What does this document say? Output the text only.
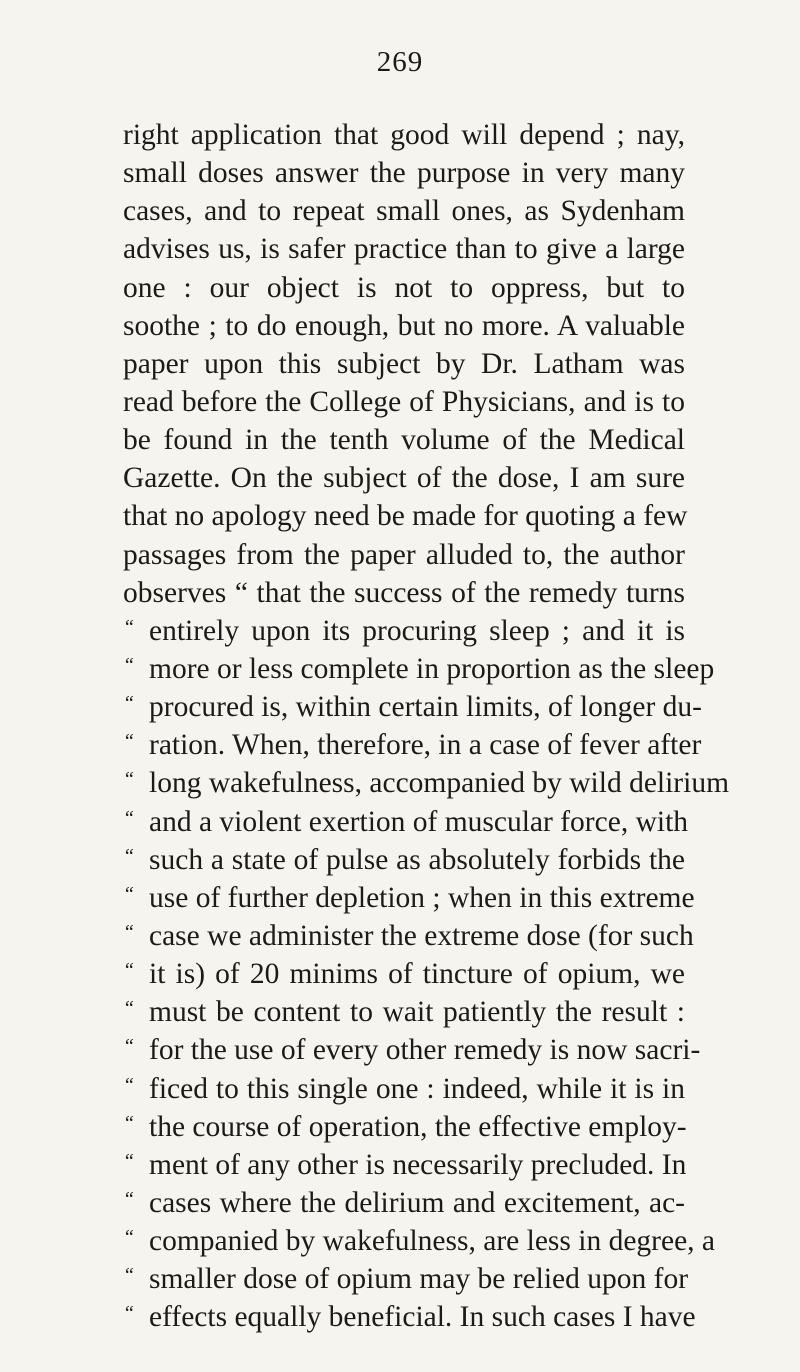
269
right application that good will depend ; nay,
small doses answer the purpose in very many
cases, and to repeat small ones, as Sydenham
advises us, is safer practice than to give a large
one : our object is not to oppress, but to
soothe ; to do enough, but no more. A valuable
paper upon this subject by Dr. Latham was
read before the College of Physicians, and is to
be found in the tenth volume of the Medical
Gazette. On the subject of the dose, I am sure
that no apology need be made for quoting a few
passages from the paper alluded to, the author
observes “ that the success of the remedy turns
“ entirely upon its procuring sleep ; and it is
“ more or less complete in proportion as the sleep
“ procured is, within certain limits, of longer du-
“ ration. When, therefore, in a case of fever after
“ long wakefulness, accompanied by wild delirium
“ and a violent exertion of muscular force, with
“ such a state of pulse as absolutely forbids the
“ use of further depletion ; when in this extreme
“ case we administer the extreme dose (for such
“ it is) of 20 minims of tincture of opium, we
“ must be content to wait patiently the result :
“ for the use of every other remedy is now sacri-
“ ficed to this single one : indeed, while it is in
“ the course of operation, the effective employ-
“ ment of any other is necessarily precluded. In
“ cases where the delirium and excitement, ac-
“ companied by wakefulness, are less in degree, a
“ smaller dose of opium may be relied upon for
“ effects equally beneficial. In such cases I have
